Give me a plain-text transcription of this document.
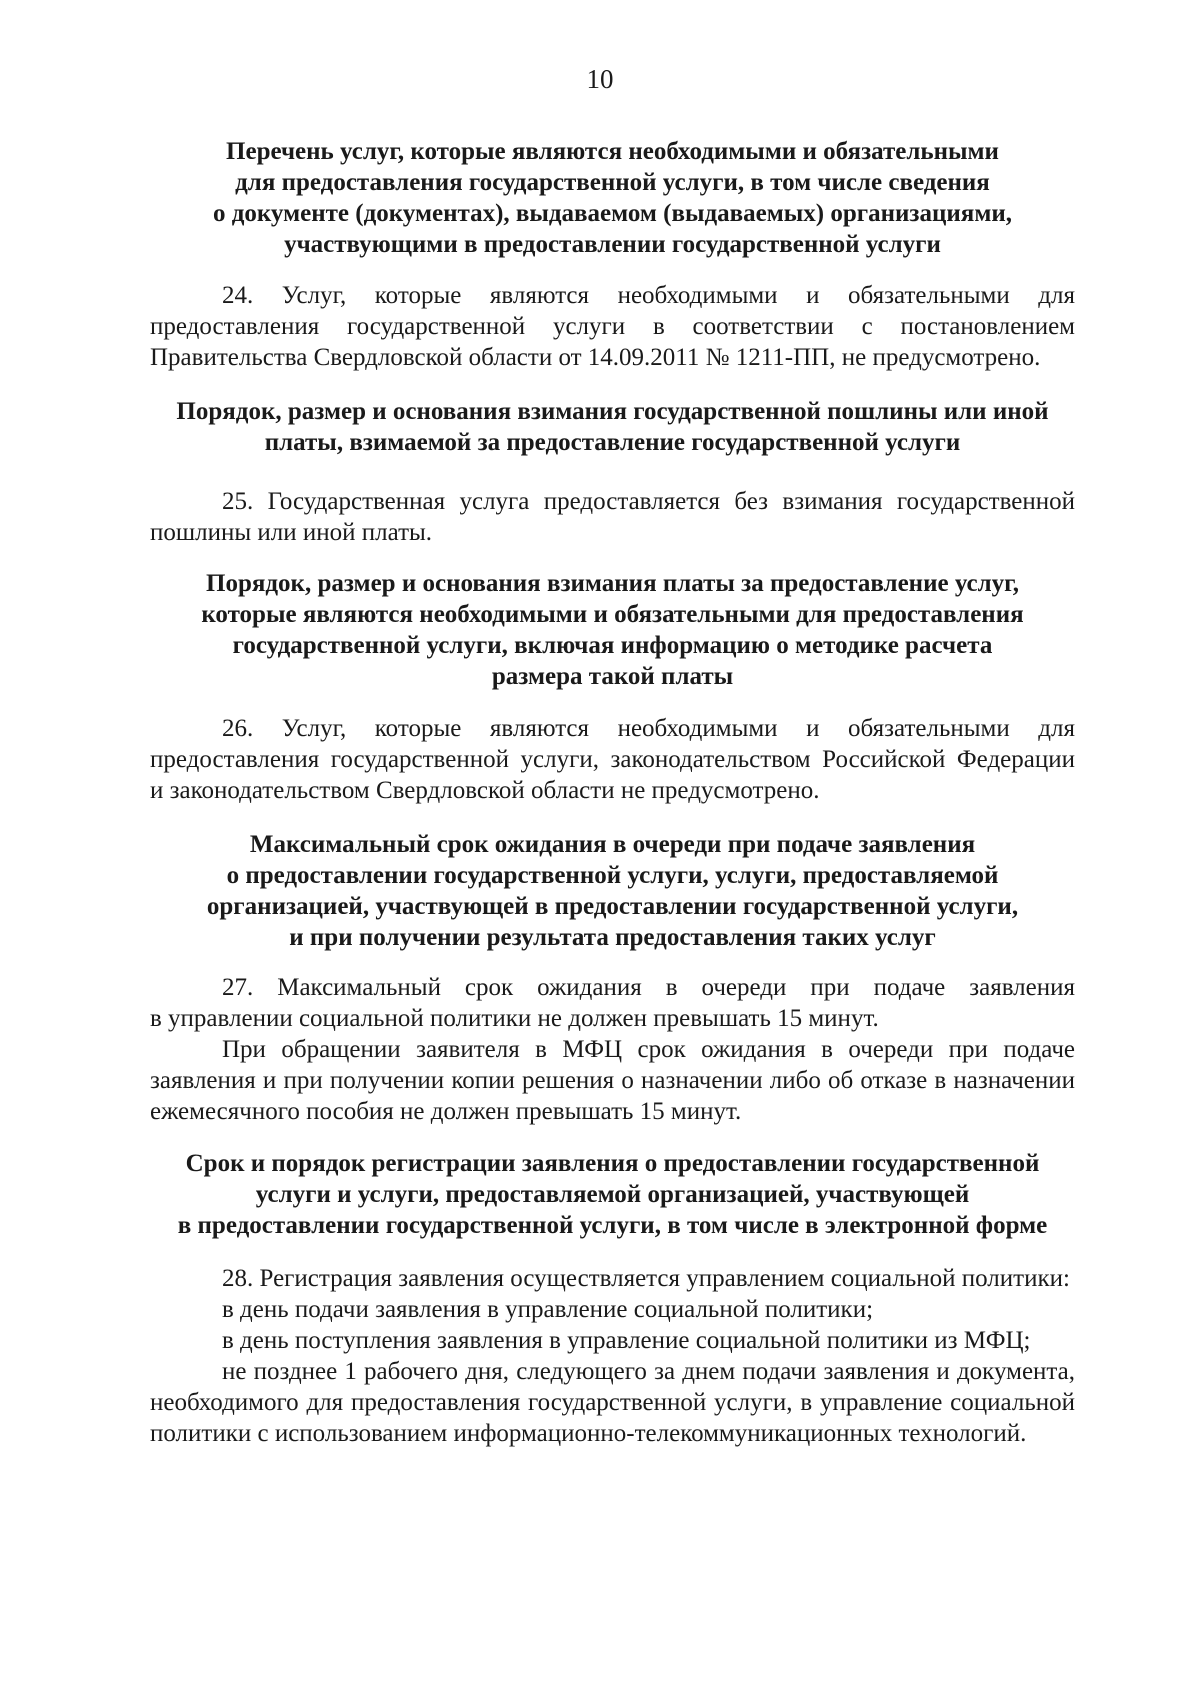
10
Перечень услуг, которые являются необходимыми и обязательными
для предоставления государственной услуги, в том числе сведения
о документе (документах), выдаваемом (выдаваемых) организациями,
участвующими в предоставлении государственной услуги
24. Услуг, которые являются необходимыми и обязательными для
предоставления государственной услуги в соответствии с постановлением
Правительства Свердловской области от 14.09.2011 № 1211-ПП, не предусмотрено.
Порядок, размер и основания взимания государственной пошлины или иной
платы, взимаемой за предоставление государственной услуги
25. Государственная услуга предоставляется без взимания государственной
пошлины или иной платы.
Порядок, размер и основания взимания платы за предоставление услуг,
которые являются необходимыми и обязательными для предоставления
государственной услуги, включая информацию о методике расчета
размера такой платы
26. Услуг, которые являются необходимыми и обязательными для
предоставления государственной услуги, законодательством Российской Федерации
и законодательством Свердловской области не предусмотрено.
Максимальный срок ожидания в очереди при подаче заявления
о предоставлении государственной услуги, услуги, предоставляемой
организацией, участвующей в предоставлении государственной услуги,
и при получении результата предоставления таких услуг
27. Максимальный срок ожидания в очереди при подаче заявления
в управлении социальной политики не должен превышать 15 минут.
При обращении заявителя в МФЦ срок ожидания в очереди при подаче
заявления и при получении копии решения о назначении либо об отказе в назначении
ежемесячного пособия не должен превышать 15 минут.
Срок и порядок регистрации заявления о предоставлении государственной
услуги и услуги, предоставляемой организацией, участвующей
в предоставлении государственной услуги, в том числе в электронной форме
28. Регистрация заявления осуществляется управлением социальной политики:
в день подачи заявления в управление социальной политики;
в день поступления заявления в управление социальной политики из МФЦ;
не позднее 1 рабочего дня, следующего за днем подачи заявления и документа,
необходимого для предоставления государственной услуги, в управление социальной
политики с использованием информационно-телекоммуникационных технологий.
